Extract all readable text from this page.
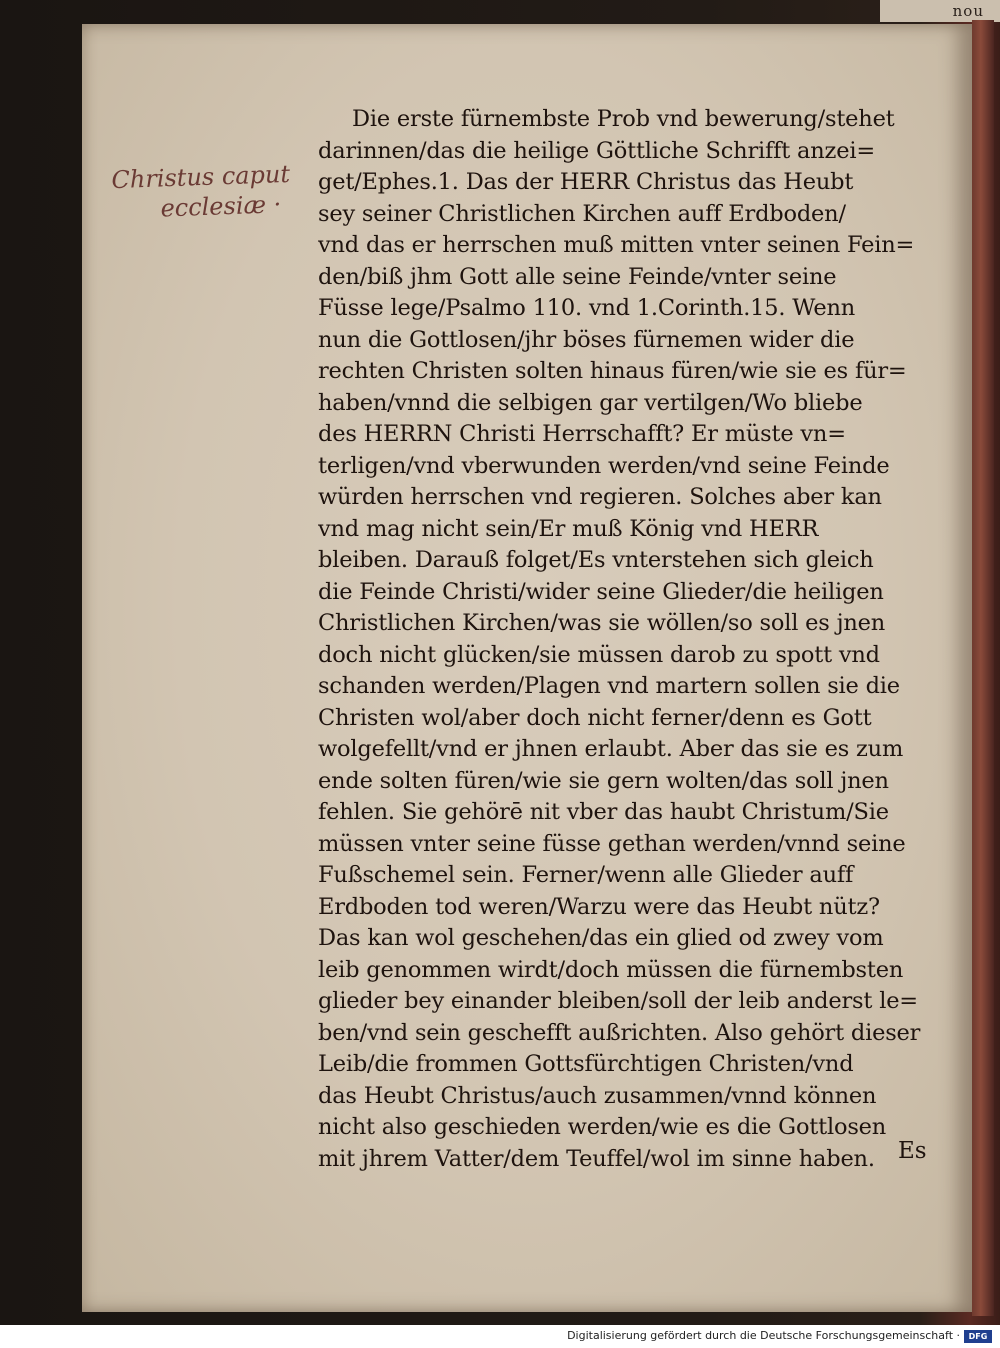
nou
Christus caput
ecclesiæ ·
Die erste fürnembste Prob vnd bewerung/stehet
darinnen/das die heilige Göttliche Schrifft anzei=
get/Ephes.1. Das der HERR Christus das Heubt
sey seiner Christlichen Kirchen auff Erdboden/
vnd das er herrschen muß mitten vnter seinen Fein=
den/biß jhm Gott alle seine Feinde/vnter seine
Füsse lege/Psalmo 110. vnd 1.Corinth.15. Wenn
nun die Gottlosen/jhr böses fürnemen wider die
rechten Christen solten hinaus füren/wie sie es für=
haben/vnnd die selbigen gar vertilgen/Wo bliebe
des HERRN Christi Herrschafft? Er müste vn=
terligen/vnd vberwunden werden/vnd seine Feinde
würden herrschen vnd regieren. Solches aber kan
vnd mag nicht sein/Er muß König vnd HERR
bleiben. Darauß folget/Es vnterstehen sich gleich
die Feinde Christi/wider seine Glieder/die heiligen
Christlichen Kirchen/was sie wöllen/so soll es jnen
doch nicht glücken/sie müssen darob zu spott vnd
schanden werden/Plagen vnd martern sollen sie die
Christen wol/aber doch nicht ferner/denn es Gott
wolgefellt/vnd er jhnen erlaubt. Aber das sie es zum
ende solten füren/wie sie gern wolten/das soll jnen
fehlen. Sie gehörē nit vber das haubt Christum/Sie
müssen vnter seine füsse gethan werden/vnnd seine
Fußschemel sein. Ferner/wenn alle Glieder auff
Erdboden tod weren/Warzu were das Heubt nütz?
Das kan wol geschehen/das ein glied od zwey vom
leib genommen wirdt/doch müssen die fürnembsten
glieder bey einander bleiben/soll der leib anderst le=
ben/vnd sein geschefft außrichten. Also gehört dieser
Leib/die frommen Gottsfürchtigen Christen/vnd
das Heubt Christus/auch zusammen/vnnd können
nicht also geschieden werden/wie es die Gottlosen
mit jhrem Vatter/dem Teuffel/wol im sinne haben.	Es
Digitalisierung gefördert durch die Deutsche Forschungsgemeinschaft ·	DFG
